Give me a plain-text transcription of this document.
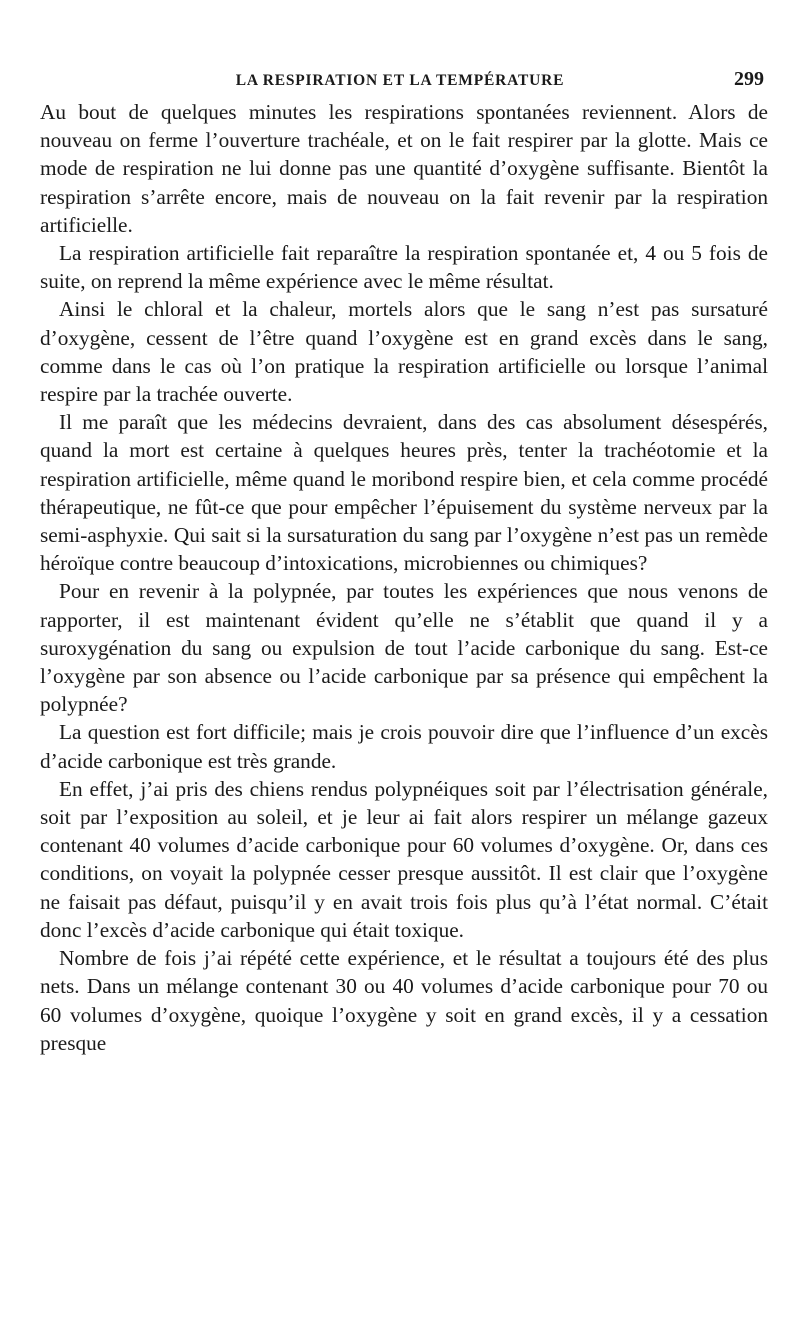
LA RESPIRATION ET LA TEMPÉRATURE	299

Au bout de quelques minutes les respirations spontanées reviennent. Alors de nouveau on ferme l’ouverture trachéale, et on le fait respirer par la glotte. Mais ce mode de respiration ne lui donne pas une quantité d’oxygène suffisante. Bientôt la respiration s’arrête encore, mais de nouveau on la fait revenir par la respiration artificielle.

La respiration artificielle fait reparaître la respiration spontanée et, 4 ou 5 fois de suite, on reprend la même expérience avec le même résultat.

Ainsi le chloral et la chaleur, mortels alors que le sang n’est pas sursaturé d’oxygène, cessent de l’être quand l’oxygène est en grand excès dans le sang, comme dans le cas où l’on pratique la respiration artificielle ou lorsque l’animal respire par la trachée ouverte.

Il me paraît que les médecins devraient, dans des cas absolument désespérés, quand la mort est certaine à quelques heures près, tenter la trachéotomie et la respiration artificielle, même quand le moribond respire bien, et cela comme procédé thérapeutique, ne fût-ce que pour empêcher l’épuisement du système nerveux par la semi-asphyxie. Qui sait si la sursaturation du sang par l’oxygène n’est pas un remède héroïque contre beaucoup d’intoxications, microbiennes ou chimiques?

Pour en revenir à la polypnée, par toutes les expériences que nous venons de rapporter, il est maintenant évident qu’elle ne s’établit que quand il y a suroxygénation du sang ou expulsion de tout l’acide carbonique du sang. Est-ce l’oxygène par son absence ou l’acide carbonique par sa présence qui empêchent la polypnée?

La question est fort difficile; mais je crois pouvoir dire que l’influence d’un excès d’acide carbonique est très grande.

En effet, j’ai pris des chiens rendus polypnéiques soit par l’électrisation générale, soit par l’exposition au soleil, et je leur ai fait alors respirer un mélange gazeux contenant 40 volumes d’acide carbonique pour 60 volumes d’oxygène. Or, dans ces conditions, on voyait la polypnée cesser presque aussitôt. Il est clair que l’oxygène ne faisait pas défaut, puisqu’il y en avait trois fois plus qu’à l’état normal. C’était donc l’excès d’acide carbonique qui était toxique.

Nombre de fois j’ai répété cette expérience, et le résultat a toujours été des plus nets. Dans un mélange contenant 30 ou 40 volumes d’acide carbonique pour 70 ou 60 volumes d’oxygène, quoique l’oxygène y soit en grand excès, il y a cessation presque
